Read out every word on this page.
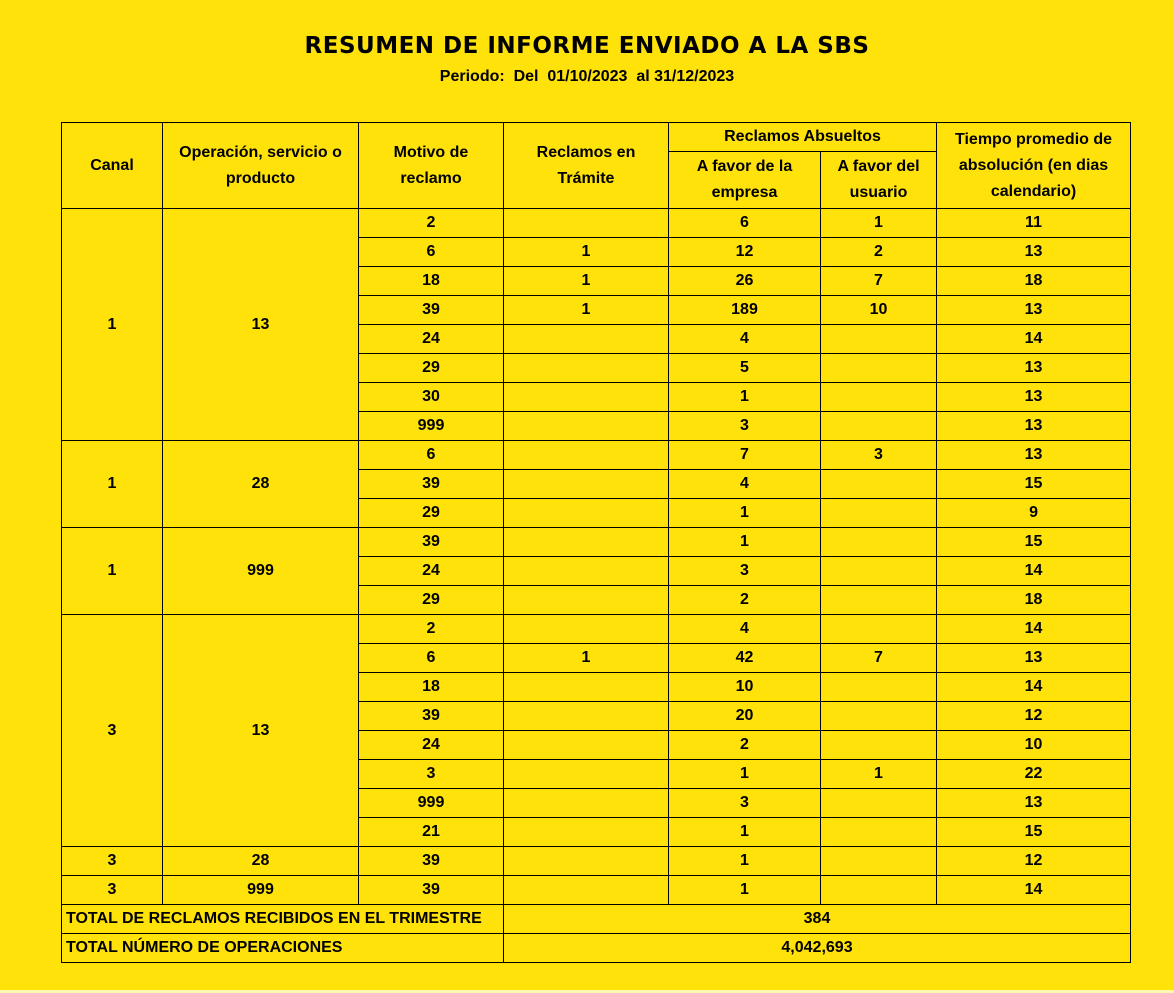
RESUMEN DE INFORME ENVIADO A LA SBS
Periodo:  Del  01/10/2023  al 31/12/2023
Canal	Operación, servicio o producto	Motivo de reclamo	Reclamos en Trámite	Reclamos Absueltos		Tiempo promedio de absolución (en dias calendario)
				A favor de la empresa	A favor del usuario	
1	13	2		6	1	11
		6	1	12	2	13
		18	1	26	7	18
		39	1	189	10	13
		24		4		14
		29		5		13
		30		1		13
		999		3		13
1	28	6		7	3	13
		39		4		15
		29		1		9
1	999	39		1		15
		24		3		14
		29		2		18
3	13	2		4		14
		6	1	42	7	13
		18		10		14
		39		20		12
		24		2		10
		3		1	1	22
		999		3		13
		21		1		15
3	28	39		1		12
3	999	39		1		14
TOTAL DE RECLAMOS RECIBIDOS EN EL TRIMESTRE			384			
TOTAL NÚMERO DE OPERACIONES			4,042,693			
